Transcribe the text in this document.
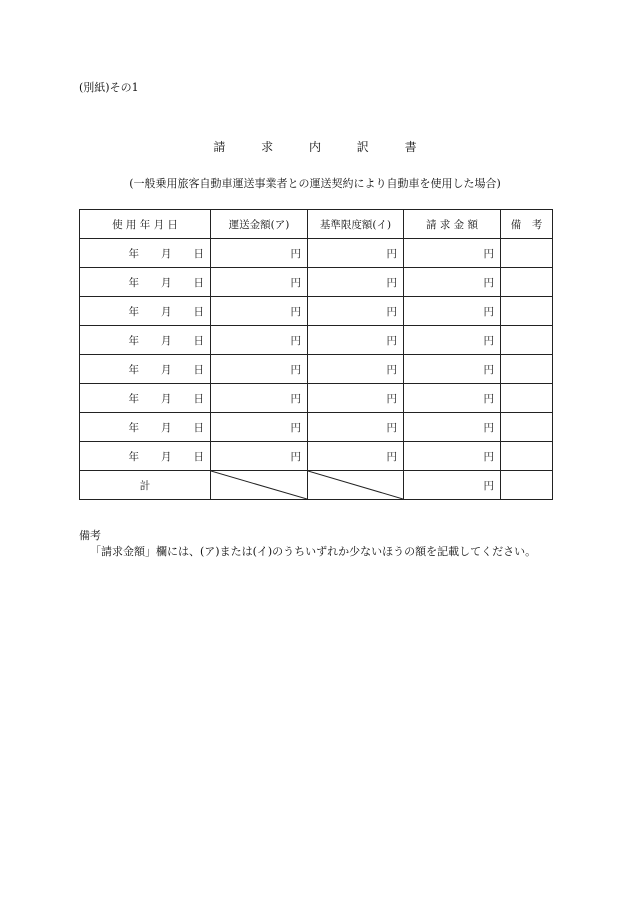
(別紙)その1
請 求 内 訳 書
(一般乗用旅客自動車運送事業者との運送契約により自動車を使用した場合)
使 用 年 月 日	運送金額(ア)	基準限度額(イ)	請 求 金 額	備　考
年 月 日	円	円	円	
年 月 日	円	円	円	
年 月 日	円	円	円	
年 月 日	円	円	円	
年 月 日	円	円	円	
年 月 日	円	円	円	
年 月 日	円	円	円	
年 月 日	円	円	円	
計			円	
備考
「請求金額」欄には、(ア)または(イ)のうちいずれか少ないほうの額を記載してください。
